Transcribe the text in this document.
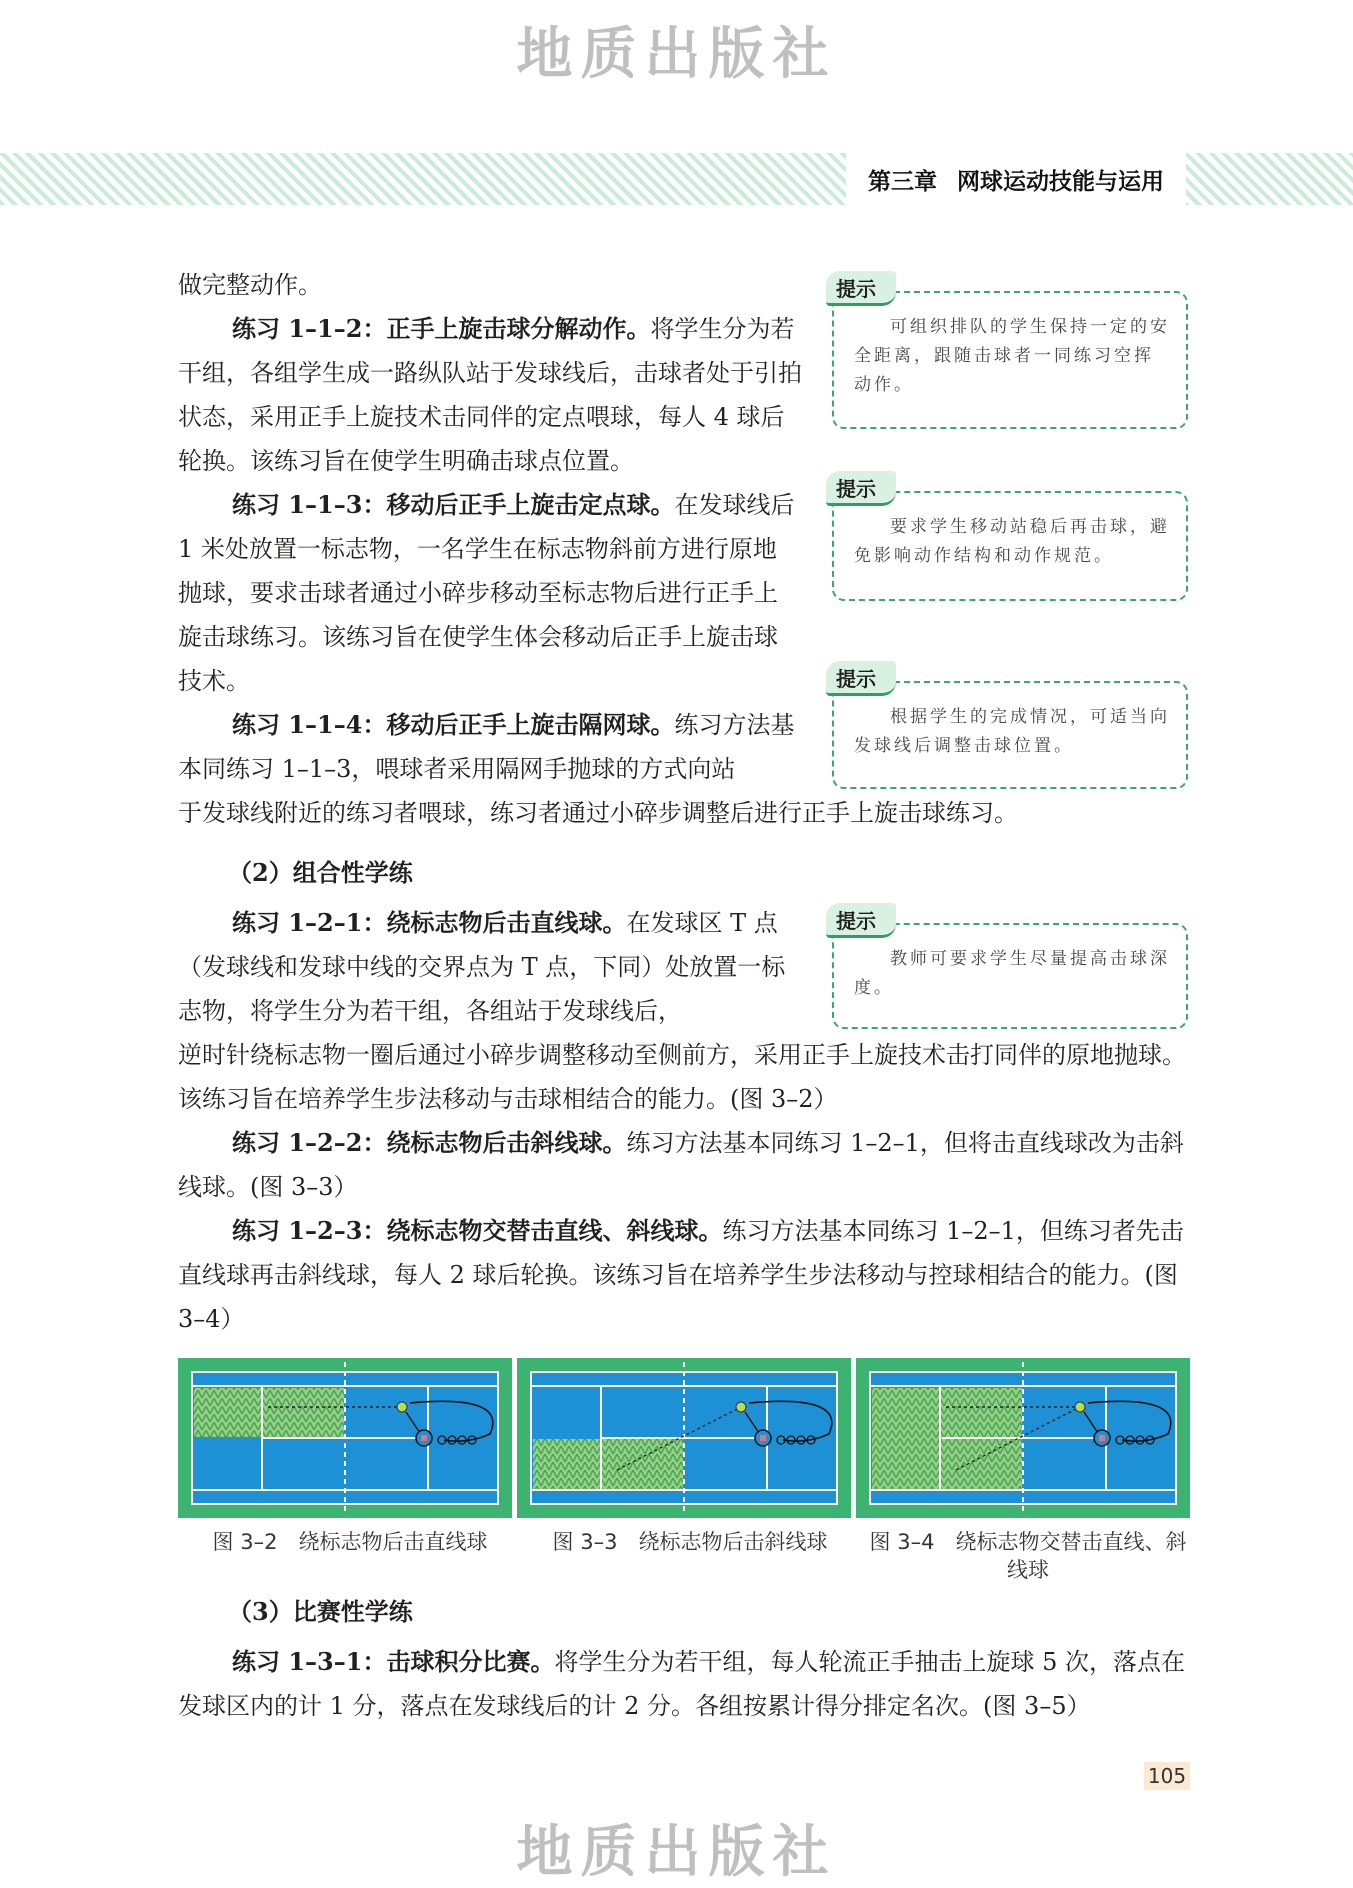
地质出版社
第三章 网球运动技能与运用

做完整动作。

练习 1–1–2：正手上旋击球分解动作。将学生分为若干组，各组学生成一路纵队站于发球线后，击球者处于引拍状态，采用正手上旋技术击同伴的定点喂球，每人 4 球后轮换。该练习旨在使学生明确击球点位置。

练习 1–1–3：移动后正手上旋击定点球。在发球线后 1 米处放置一标志物，一名学生在标志物斜前方进行原地抛球，要求击球者通过小碎步移动至标志物后进行正手上旋击球练习。该练习旨在使学生体会移动后正手上旋击球技术。

练习 1–1–4：移动后正手上旋击隔网球。练习方法基本同练习 1–1–3，喂球者采用隔网手抛球的方式向站

于发球线附近的练习者喂球，练习者通过小碎步调整后进行正手上旋击球练习。

（2）组合性学练

练习 1–2–1：绕标志物后击直线球。在发球区 T 点（发球线和发球中线的交界点为 T 点，下同）处放置一标志物，将学生分为若干组，各组站于发球线后，

逆时针绕标志物一圈后通过小碎步调整移动至侧前方，采用正手上旋技术击打同伴的原地抛球。该练习旨在培养学生步法移动与击球相结合的能力。(图 3–2）

练习 1–2–2：绕标志物后击斜线球。练习方法基本同练习 1–2–1，但将击直线球改为击斜线球。(图 3–3）

练习 1–2–3：绕标志物交替击直线、斜线球。练习方法基本同练习 1–2–1，但练习者先击直线球再击斜线球，每人 2 球后轮换。该练习旨在培养学生步法移动与控球相结合的能力。(图 3–4）

提示

可组织排队的学生保持一定的安全距离，跟随击球者一同练习空挥动作。

提示

要求学生移动站稳后再击球，避免影响动作结构和动作规范。

提示

根据学生的完成情况，可适当向发球线后调整击球位置。

提示

教师可要求学生尽量提高击球深度。

图 3–2　绕标志物后击直线球	图 3–3　绕标志物后击斜线球	图 3–4　绕标志物交替击直线、斜线球
（3）比赛性学练

练习 1–3–1：击球积分比赛。将学生分为若干组，每人轮流正手抽击上旋球 5 次，落点在发球区内的计 1 分，落点在发球线后的计 2 分。各组按累计得分排定名次。(图 3–5）

105
地质出版社
